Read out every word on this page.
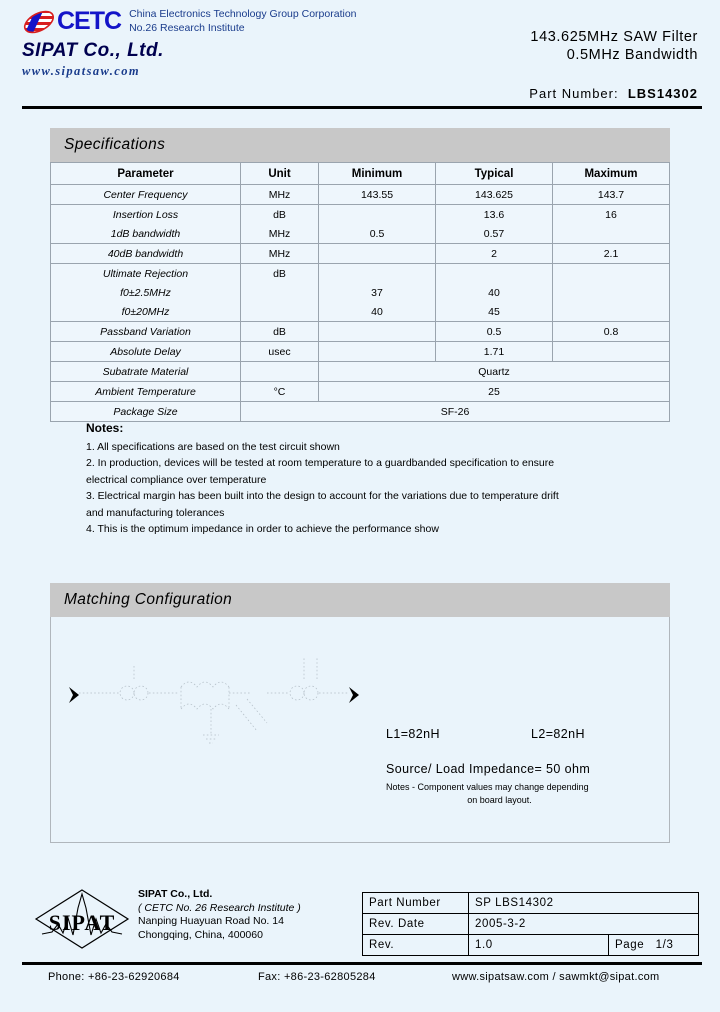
CETC China Electronics Technology Group Corporation
No.26 Research Institute
SIPAT Co., Ltd.
www.sipatsaw.com
143.625MHz SAW Filter
0.5MHz Bandwidth
Part Number: LBS14302
Specifications
Parameter	Unit	Minimum	Typical	Maximum
Center Frequency	MHz	143.55	143.625	143.7
Insertion Loss	dB		13.6	16
1dB bandwidth	MHz	0.5	0.57	
40dB bandwidth	MHz		2	2.1
Ultimate Rejection	dB			
f0±2.5MHz		37	40	
f0±20MHz		40	45	
Passband Variation	dB		0.5	0.8
Absolute Delay	usec		1.71	
Subatrate Material		Quartz		
Ambient Temperature	°C	25		
Package Size	SF-26			
Notes:
1. All specifications are based on the test circuit shown
2. In production, devices will be tested at room temperature to a guardbanded specification to ensure
electrical compliance over temperature
3. Electrical margin has been built into the design to account for the variations due to temperature drift
and manufacturing tolerances
4. This is the optimum impedance in order to achieve the performance show
Matching Configuration
L1=82nH	L2=82nH
Source/ Load Impedance= 50 ohm
Notes - Component values may change depending
on board layout.
SIPAT
SIPAT Co., Ltd.
( CETC No. 26 Research Institute )
Nanping Huayuan Road No. 14
Chongqing, China, 400060
Part Number	SP LBS14302	
Rev. Date	2005-3-2	
Rev.	1.0	Page 1/3
Phone: +86-23-62920684	Fax: +86-23-62805284	www.sipatsaw.com / sawmkt@sipat.com
